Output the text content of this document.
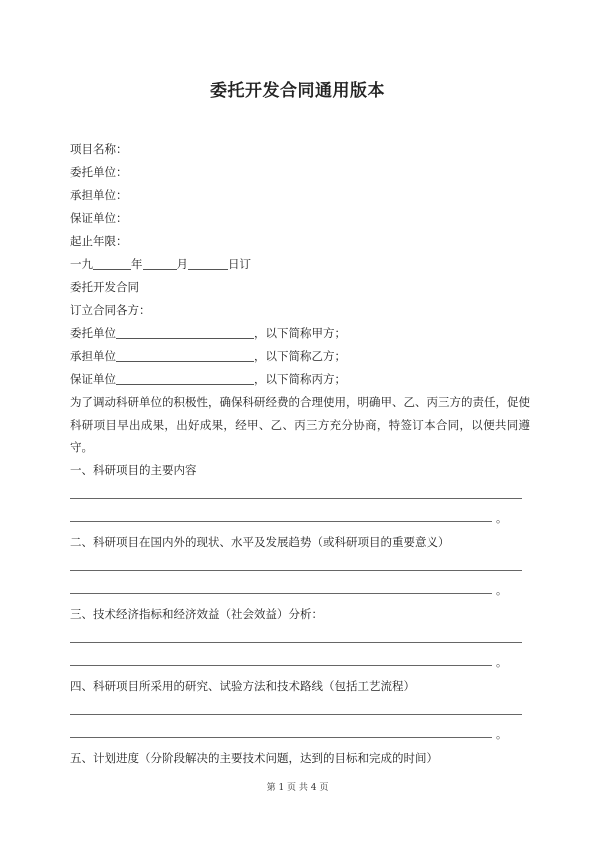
委托开发合同通用版本
项目名称：
委托单位：
承担单位：
保证单位：
起止年限：
一九	年	月	日订
委托开发合同
订立合同各方：
委托单位	，以下简称甲方；
承担单位	，以下简称乙方；
保证单位	，以下简称丙方；
为了调动科研单位的积极性，确保科研经费的合理使用，明确甲、乙、丙三方的责任，促使科研项目早出成果，出好成果，经甲、乙、丙三方充分协商，特签订本合同，以便共同遵守。
一、科研项目的主要内容
。
二、科研项目在国内外的现状、水平及发展趋势（或科研项目的重要意义）
。
三、技术经济指标和经济效益（社会效益）分析：
。
四、科研项目所采用的研究、试验方法和技术路线（包括工艺流程）
。
五、计划进度（分阶段解决的主要技术问题，达到的目标和完成的时间）
第 1 页 共 4 页
